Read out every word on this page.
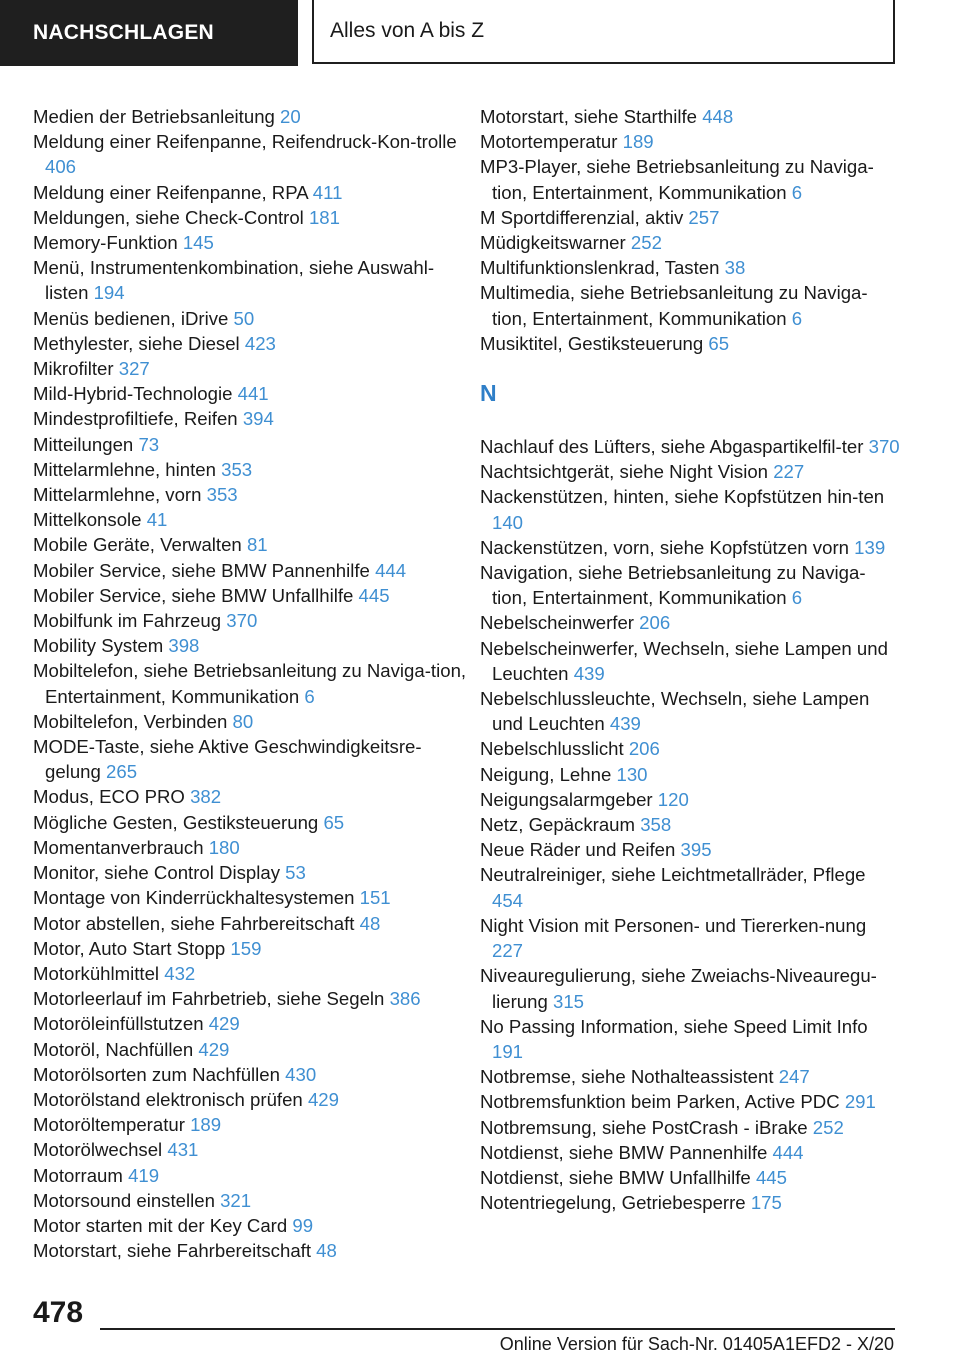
NACHSCHLAGEN	Alles von A bis Z
Medien der Betriebsanleitung 20
Meldung einer Reifenpanne, Reifendruck-Kon-trolle 406
Meldung einer Reifenpanne, RPA 411
Meldungen, siehe Check-Control 181
Memory-Funktion 145
Menü, Instrumentenkombination, siehe Auswahl-listen 194
Menüs bedienen, iDrive 50
Methylester, siehe Diesel 423
Mikrofilter 327
Mild-Hybrid-Technologie 441
Mindestprofiltiefe, Reifen 394
Mitteilungen 73
Mittelarmlehne, hinten 353
Mittelarmlehne, vorn 353
Mittelkonsole 41
Mobile Geräte, Verwalten 81
Mobiler Service, siehe BMW Pannenhilfe 444
Mobiler Service, siehe BMW Unfallhilfe 445
Mobilfunk im Fahrzeug 370
Mobility System 398
Mobiltelefon, siehe Betriebsanleitung zu Naviga-tion, Entertainment, Kommunikation 6
Mobiltelefon, Verbinden 80
MODE-Taste, siehe Aktive Geschwindigkeitsre-gelung 265
Modus, ECO PRO 382
Mögliche Gesten, Gestiksteuerung 65
Momentanverbrauch 180
Monitor, siehe Control Display 53
Montage von Kinderrückhaltesystemen 151
Motor abstellen, siehe Fahrbereitschaft 48
Motor, Auto Start Stopp 159
Motorkühlmittel 432
Motorleerlauf im Fahrbetrieb, siehe Segeln 386
Motoröleinfüllstutzen 429
Motoröl, Nachfüllen 429
Motorölsorten zum Nachfüllen 430
Motorölstand elektronisch prüfen 429
Motoröltemperatur 189
Motorölwechsel 431
Motorraum 419
Motorsound einstellen 321
Motor starten mit der Key Card 99
Motorstart, siehe Fahrbereitschaft 48
Motorstart, siehe Starthilfe 448
Motortemperatur 189
MP3-Player, siehe Betriebsanleitung zu Naviga-tion, Entertainment, Kommunikation 6
M Sportdifferenzial, aktiv 257
Müdigkeitswarner 252
Multifunktionslenkrad, Tasten 38
Multimedia, siehe Betriebsanleitung zu Naviga-tion, Entertainment, Kommunikation 6
Musiktitel, Gestiksteuerung 65
N
Nachlauf des Lüfters, siehe Abgaspartikelfil-ter 370
Nachtsichtgerät, siehe Night Vision 227
Nackenstützen, hinten, siehe Kopfstützen hin-ten 140
Nackenstützen, vorn, siehe Kopfstützen vorn 139
Navigation, siehe Betriebsanleitung zu Naviga-tion, Entertainment, Kommunikation 6
Nebelscheinwerfer 206
Nebelscheinwerfer, Wechseln, siehe Lampen und Leuchten 439
Nebelschlussleuchte, Wechseln, siehe Lampen und Leuchten 439
Nebelschlusslicht 206
Neigung, Lehne 130
Neigungsalarmgeber 120
Netz, Gepäckraum 358
Neue Räder und Reifen 395
Neutralreiniger, siehe Leichtmetallräder, Pflege 454
Night Vision mit Personen- und Tiererken-nung 227
Niveauregulierung, siehe Zweiachs-Niveauregu-lierung 315
No Passing Information, siehe Speed Limit Info 191
Notbremse, siehe Nothalteassistent 247
Notbremsfunktion beim Parken, Active PDC 291
Notbremsung, siehe PostCrash - iBrake 252
Notdienst, siehe BMW Pannenhilfe 444
Notdienst, siehe BMW Unfallhilfe 445
Notentriegelung, Getriebesperre 175
478
Online Version für Sach-Nr. 01405A1EFD2 - X/20
